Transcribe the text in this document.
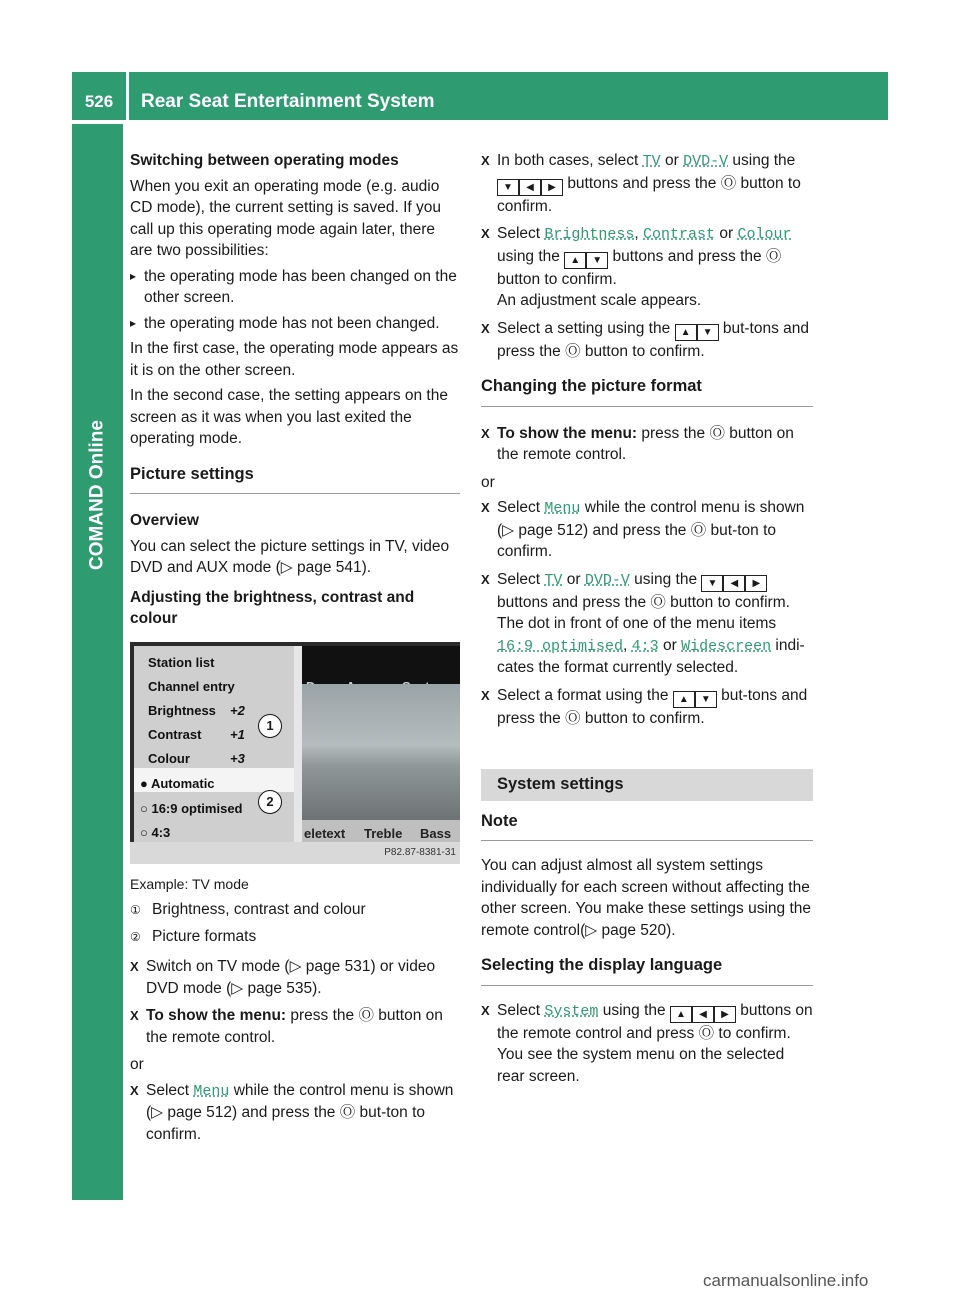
526	Rear Seat Entertainment System
COMAND Online

Switching between operating modes

When you exit an operating mode (e.g. audio CD mode), the current setting is saved. If you call up this operating mode again later, there are two possibilities:

▸ the operating mode has been changed on the other screen.

▸ the operating mode has not been changed.

In the first case, the operating mode appears as it is on the other screen.

In the second case, the setting appears on the screen as it was when you last exited the operating mode.

Picture settings

Overview

You can select the picture settings in TV, video DVD and AUX mode (▷ page 541).

Adjusting the brightness, contrast and colour

Station list
Channel entry
Brightness +2
Contrast +1
Colour	+3
● Automatic
○ 16:9 optimised
○ 4:3	eletext Treble Bass
P82.87-8381-31
1
2

Example: TV mode

① Brightness, contrast and colour

② Picture formats

X Switch on TV mode (▷ page 531) or video DVD mode (▷ page 535).

X To show the menu: press the Ⓞ button on the remote control.

or

X Select Menu while the control menu is shown (▷ page 512) and press the Ⓞ but-ton to confirm.

X In both cases, select TV or DVD-V using the ▼ ◀ ▶ buttons and press the Ⓞ button to confirm.

X Select Brightness, Contrast or Colour using the ▲ ▼ buttons and press the Ⓞ button to confirm.
An adjustment scale appears.

X Select a setting using the ▲ ▼ but-tons and press the Ⓞ button to confirm.

Changing the picture format

X To show the menu: press the Ⓞ button on the remote control.

or

X Select Menu while the control menu is shown (▷ page 512) and press the Ⓞ but-ton to confirm.

X Select TV or DVD-V using the ▼ ◀ ▶ buttons and press the Ⓞ button to confirm.
The dot in front of one of the menu items 16:9 optimised, 4:3 or Widescreen indi-cates the format currently selected.

X Select a format using the ▲ ▼ but-tons and press the Ⓞ button to confirm.

System settings
Note

You can adjust almost all system settings individually for each screen without affecting the other screen. You make these settings using the remote control(▷ page 520).

Selecting the display language

X Select System using the ▲ ◀ ▶ buttons on the remote control and press Ⓞ to confirm.
You see the system menu on the selected rear screen.

carmanualsonline.info
